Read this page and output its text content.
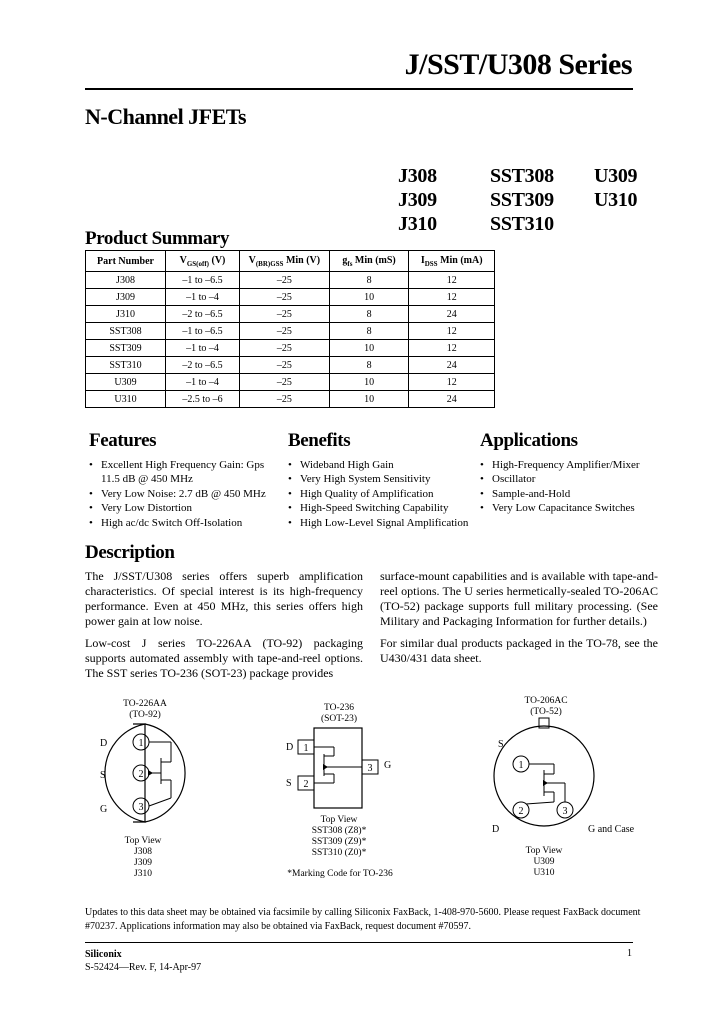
J/SST/U308 Series
N-Channel JFETs
J308
J309
J310
SST308
SST309
SST310
U309
U310
Product Summary
Part Number	$V_{GS(off)}$ (V)	$V_{(BR)GSS}$ Min (V)	$g_{fs}$ Min (mS)	$I_{DSS}$ Min (mA)
J308	–1 to –6.5	–25	8	12
J309	–1 to –4	–25	10	12
J310	–2 to –6.5	–25	8	24
SST308	–1 to –6.5	–25	8	12
SST309	–1 to –4	–25	10	12
SST310	–2 to –6.5	–25	8	24
U309	–1 to –4	–25	10	12
U310	–2.5 to –6	–25	10	24
Features
• Excellent High Frequency Gain: Gps 11.5 dB @ 450 MHz
• Very Low Noise: 2.7 dB @ 450 MHz
• Very Low Distortion
• High ac/dc Switch Off-Isolation
Benefits
• Wideband High Gain
• Very High System Sensitivity
• High Quality of Amplification
• High-Speed Switching Capability
• High Low-Level Signal Amplification
Applications
• High-Frequency Amplifier/Mixer
• Oscillator
• Sample-and-Hold
• Very Low Capacitance Switches
Description

The J/SST/U308 series offers superb amplification characteristics. Of special interest is its high-frequency performance. Even at 450 MHz, this series offers high power gain at low noise.

Low-cost J series TO-226AA (TO-92) packaging supports automated assembly with tape-and-reel options. The SST series TO-236 (SOT-23) package provides

surface-mount capabilities and is available with tape-and-reel options. The U series hermetically-sealed TO-206AC (TO-52) package supports full military processing. (See Military and Packaging Information for further details.)

For similar dual products packaged in the TO-78, see the U430/431 data sheet.

TO-226AA
(TO-92)
1
2
3
D
S
G
Top View
J308
J309
J310
TO-236
(SOT-23)
1
2
3
D
S
G
Top View
SST308 (Z8)*
SST309 (Z9)*
SST310 (Z0)*
*Marking Code for TO-236
TO-206AC
(TO-52)
1
2	3
S
D	G and Case
Top View
U309
U310
Updates to this data sheet may be obtained via facsimile by calling Siliconix FaxBack, 1-408-970-5600. Please request FaxBack document #70237. Applications information may also be obtained via FaxBack, request document #70597.
Siliconix
S-52424—Rev. F, 14-Apr-97
1
